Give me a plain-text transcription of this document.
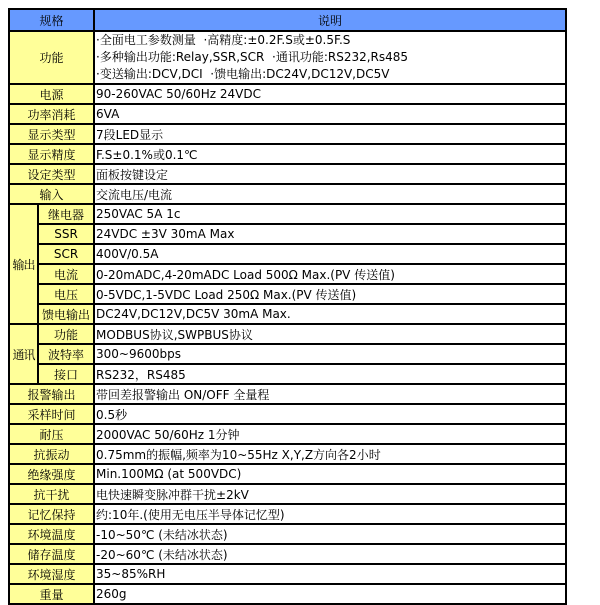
规格		说明
功能		·全面电工参数测量  ·高精度:±0.2F.S或±0.5F.S
·多种输出功能:Relay,SSR,SCR  ·通讯功能:RS232,Rs485
·变送输出:DCV,DCI  ·馈电输出:DC24V,DC12V,DC5V

电源		90-260VAC 50/60Hz 24VDC
功率消耗		6VA
显示类型		7段LED显示
显示精度		F.S±0.1%或0.1℃
设定类型		面板按键设定
输入		交流电压/电流
输出	继电器	250VAC 5A 1c
	SSR	24VDC ±3V 30mA Max
	SCR	400V/0.5A
	电流	0-20mADC,4-20mADC Load 500Ω Max.(PV 传送值)
	电压	0-5VDC,1-5VDC Load 250Ω Max.(PV 传送值)
	馈电输出	DC24V,DC12V,DC5V 30mA Max.
通讯	功能	MODBUS协议,SWPBUS协议
	波特率	300~9600bps
	接口	RS232，RS485
报警输出		带回差报警输出 ON/OFF 全量程
采样时间		0.5秒
耐压		2000VAC 50/60Hz 1分钟
抗振动		0.75mm的振幅,频率为10~55Hz X,Y,Z方向各2小时
绝缘强度		Min.100MΩ (at 500VDC)
抗干扰		电快速瞬变脉冲群干扰±2kV
记忆保持		约:10年.(使用无电压半导体记忆型)
环境温度		-10~50℃ (未结冰状态)
储存温度		-20~60℃ (未结冰状态)
环境湿度		35~85%RH
重量		260g
